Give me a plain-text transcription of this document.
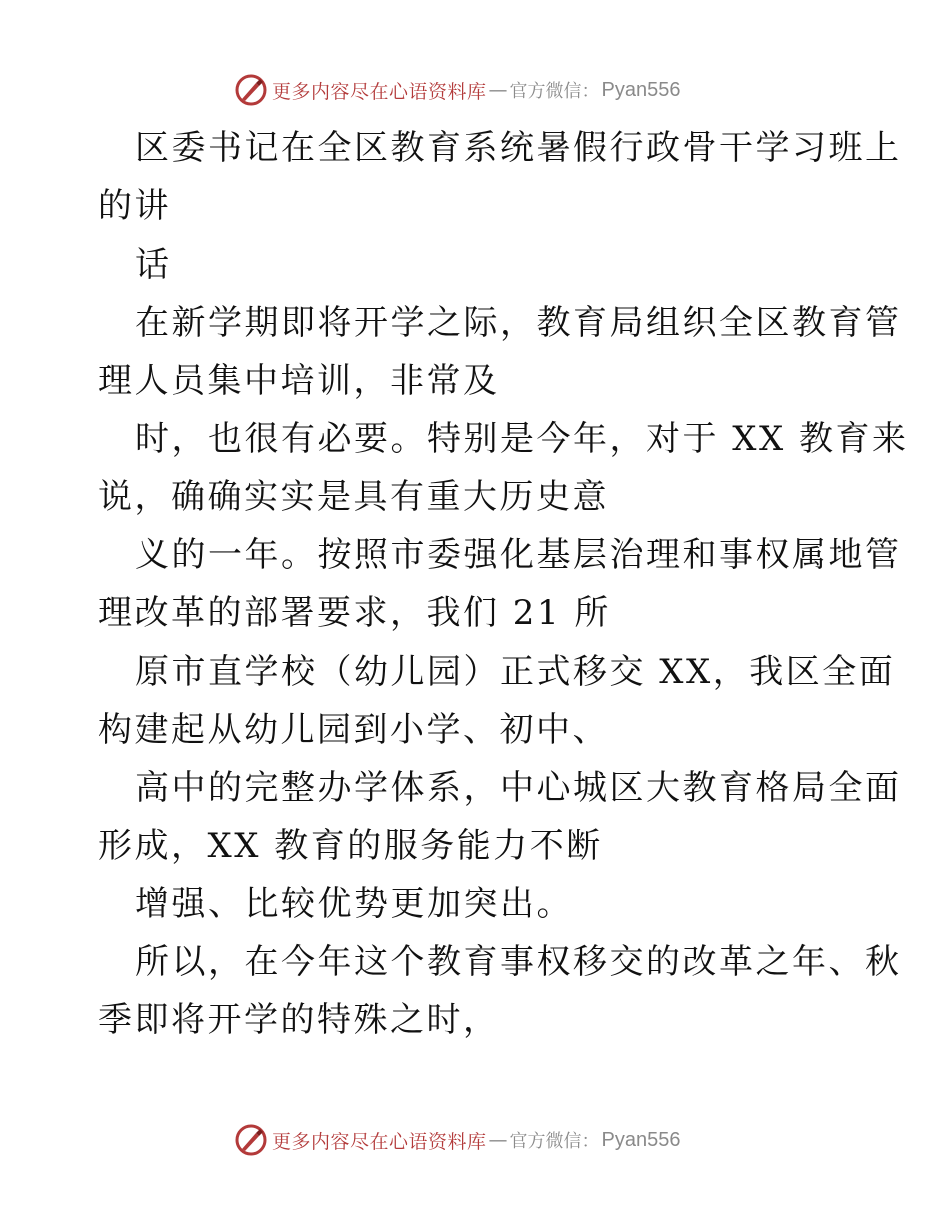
更多内容尽在心语资料库 — 官方微信： Pyan556
区委书记在全区教育系统暑假行政骨干学习班上
的讲
话
在新学期即将开学之际，教育局组织全区教育管
理人员集中培训，非常及
时，也很有必要。特别是今年，对于 XX 教育来
说，确确实实是具有重大历史意
义的一年。按照市委强化基层治理和事权属地管
理改革的部署要求，我们 21 所
原市直学校（幼儿园）正式移交 XX，我区全面
构建起从幼儿园到小学、初中、
高中的完整办学体系，中心城区大教育格局全面
形成，XX 教育的服务能力不断
增强、比较优势更加突出。
所以，在今年这个教育事权移交的改革之年、秋
季即将开学的特殊之时，
更多内容尽在心语资料库 — 官方微信： Pyan556
